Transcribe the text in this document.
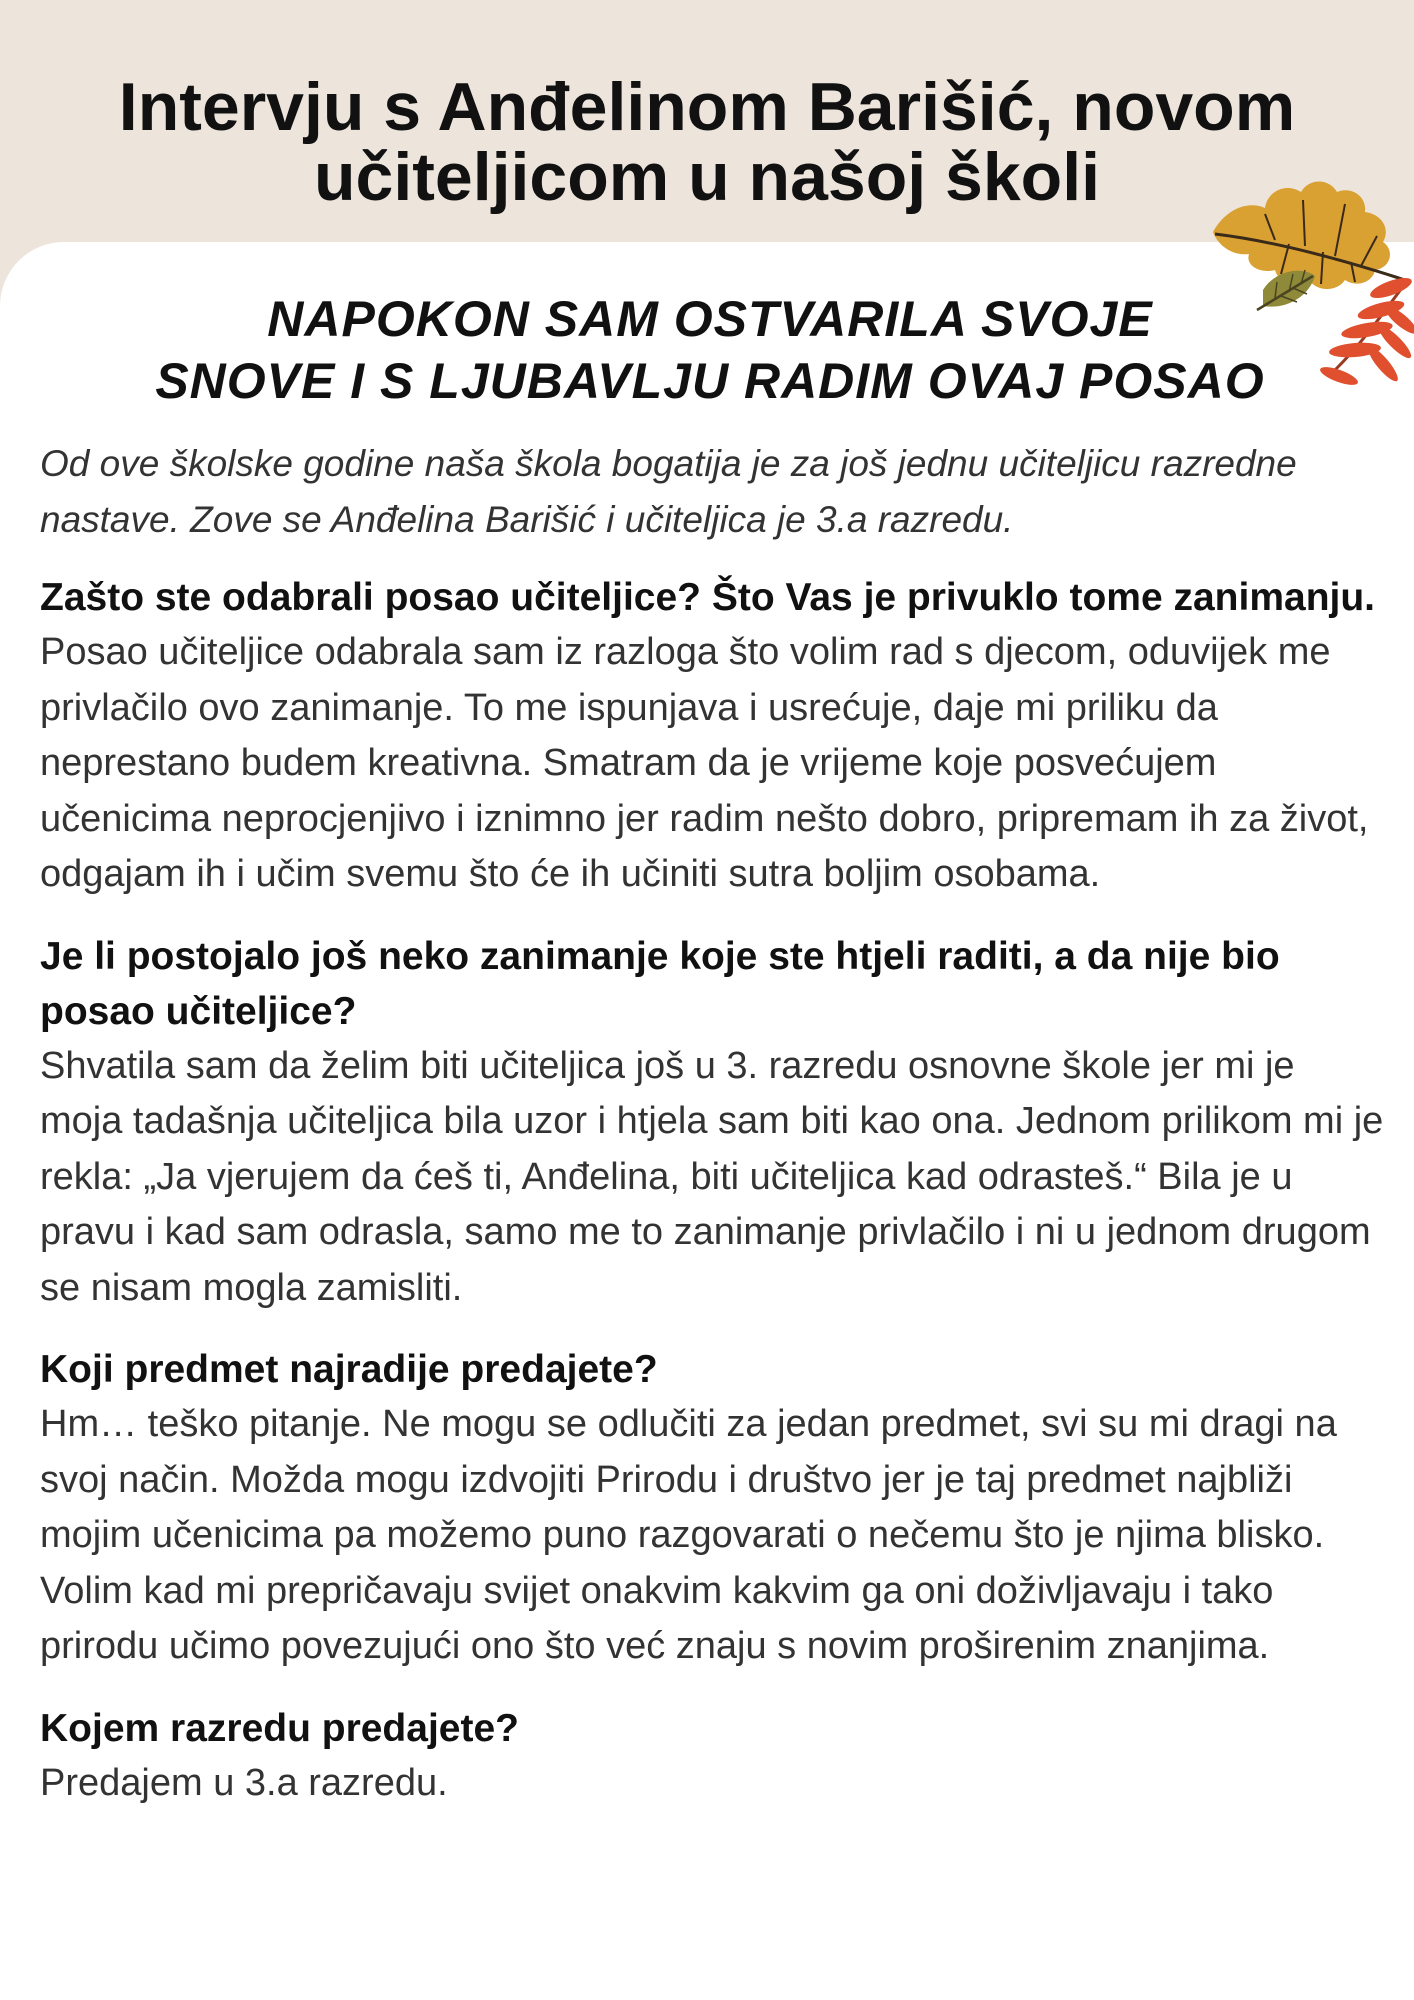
Intervju s Anđelinom Barišić, novom
učiteljicom u našoj školi
NAPOKON SAM OSTVARILA SVOJE
SNOVE I S LJUBAVLJU RADIM OVAJ POSAO

Od ove školske godine naša škola bogatija je za još jednu učiteljicu razredne nastave. Zove se Anđelina Barišić i učiteljica je 3.a razredu.

Zašto ste odabrali posao učiteljice? Što Vas je privuklo tome zanimanju.

Posao učiteljice odabrala sam iz razloga što volim rad s djecom, oduvijek me privlačilo ovo zanimanje. To me ispunjava i usrećuje, daje mi priliku da neprestano budem kreativna. Smatram da je vrijeme koje posvećujem učenicima neprocjenjivo i iznimno jer radim nešto dobro, pripremam ih za život, odgajam ih i učim svemu što će ih učiniti sutra boljim osobama.

Je li postojalo još neko zanimanje koje ste htjeli raditi, a da nije bio posao učiteljice?

Shvatila sam da želim biti učiteljica još u 3. razredu osnovne škole jer mi je moja tadašnja učiteljica bila uzor i htjela sam biti kao ona. Jednom prilikom mi je rekla: „Ja vjerujem da ćeš ti, Anđelina, biti učiteljica kad odrasteš.“ Bila je u pravu i kad sam odrasla, samo me to zanimanje privlačilo i ni u jednom drugom se nisam mogla zamisliti.

Koji predmet najradije predajete?

Hm… teško pitanje. Ne mogu se odlučiti za jedan predmet, svi su mi dragi na svoj način. Možda mogu izdvojiti Prirodu i društvo jer je taj predmet najbliži mojim učenicima pa možemo puno razgovarati o nečemu što je njima blisko. Volim kad mi prepričavaju svijet onakvim kakvim ga oni doživljavaju i tako prirodu učimo povezujući ono što već znaju s novim proširenim znanjima.

Kojem razredu predajete?

Predajem u 3.a razredu.
